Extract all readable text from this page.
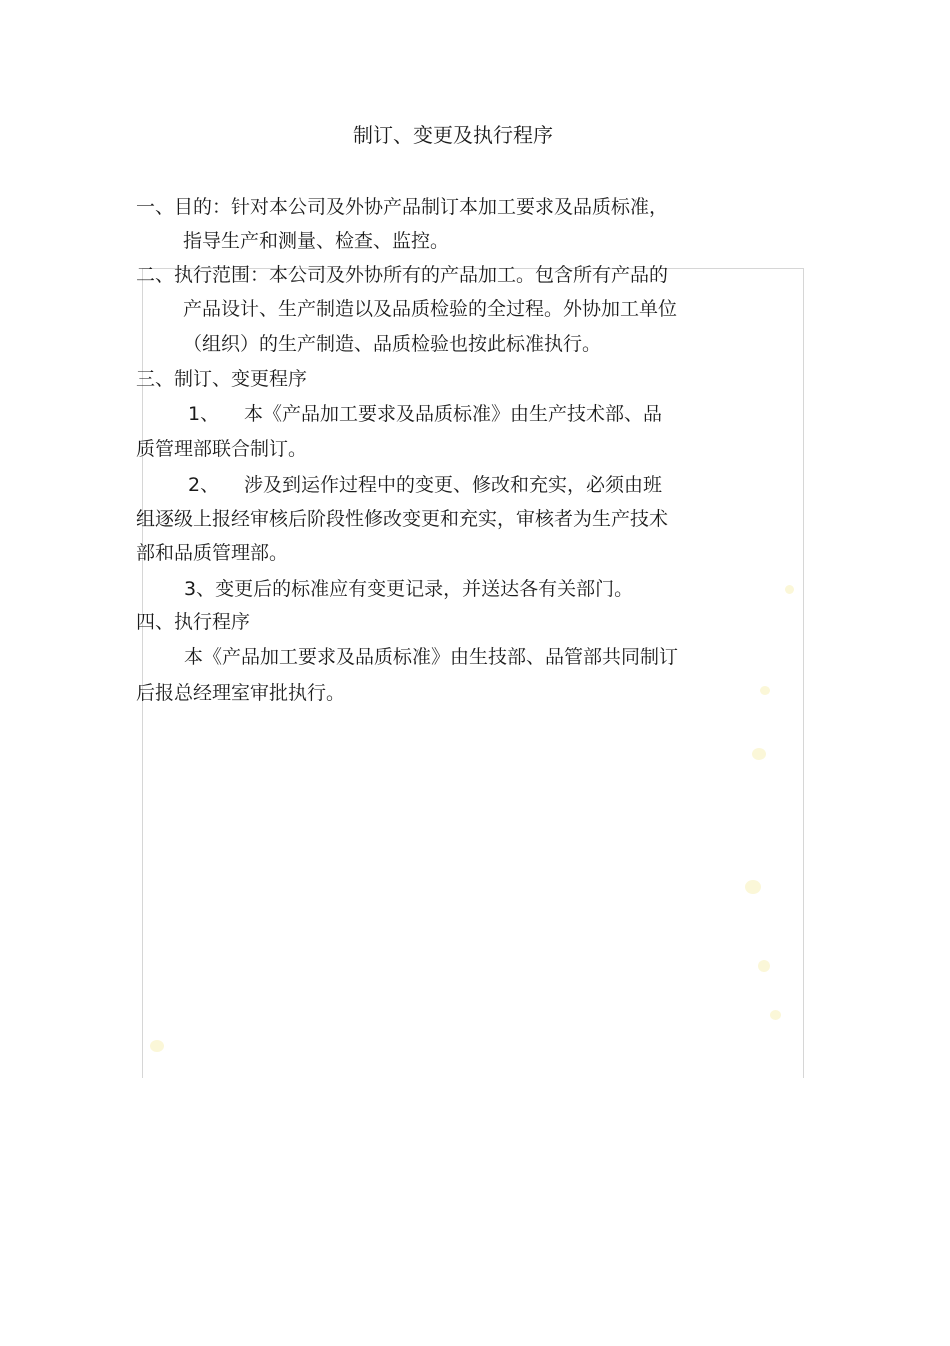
制订、变更及执行程序
一、目的：针对本公司及外协产品制订本加工要求及品质标准，
指导生产和测量、检查、监控。
二、执行范围：本公司及外协所有的产品加工。包含所有产品的
产品设计、生产制造以及品质检验的全过程。外协加工单位
（组织）的生产制造、品质检验也按此标准执行。
三、制订、变更程序
1、 本《产品加工要求及品质标准》由生产技术部、品
质管理部联合制订。
2、 涉及到运作过程中的变更、修改和充实，必须由班
组逐级上报经审核后阶段性修改变更和充实，审核者为生产技术
部和品质管理部。
3、变更后的标准应有变更记录，并送达各有关部门。
四、执行程序
本《产品加工要求及品质标准》由生技部、品管部共同制订
后报总经理室审批执行。
